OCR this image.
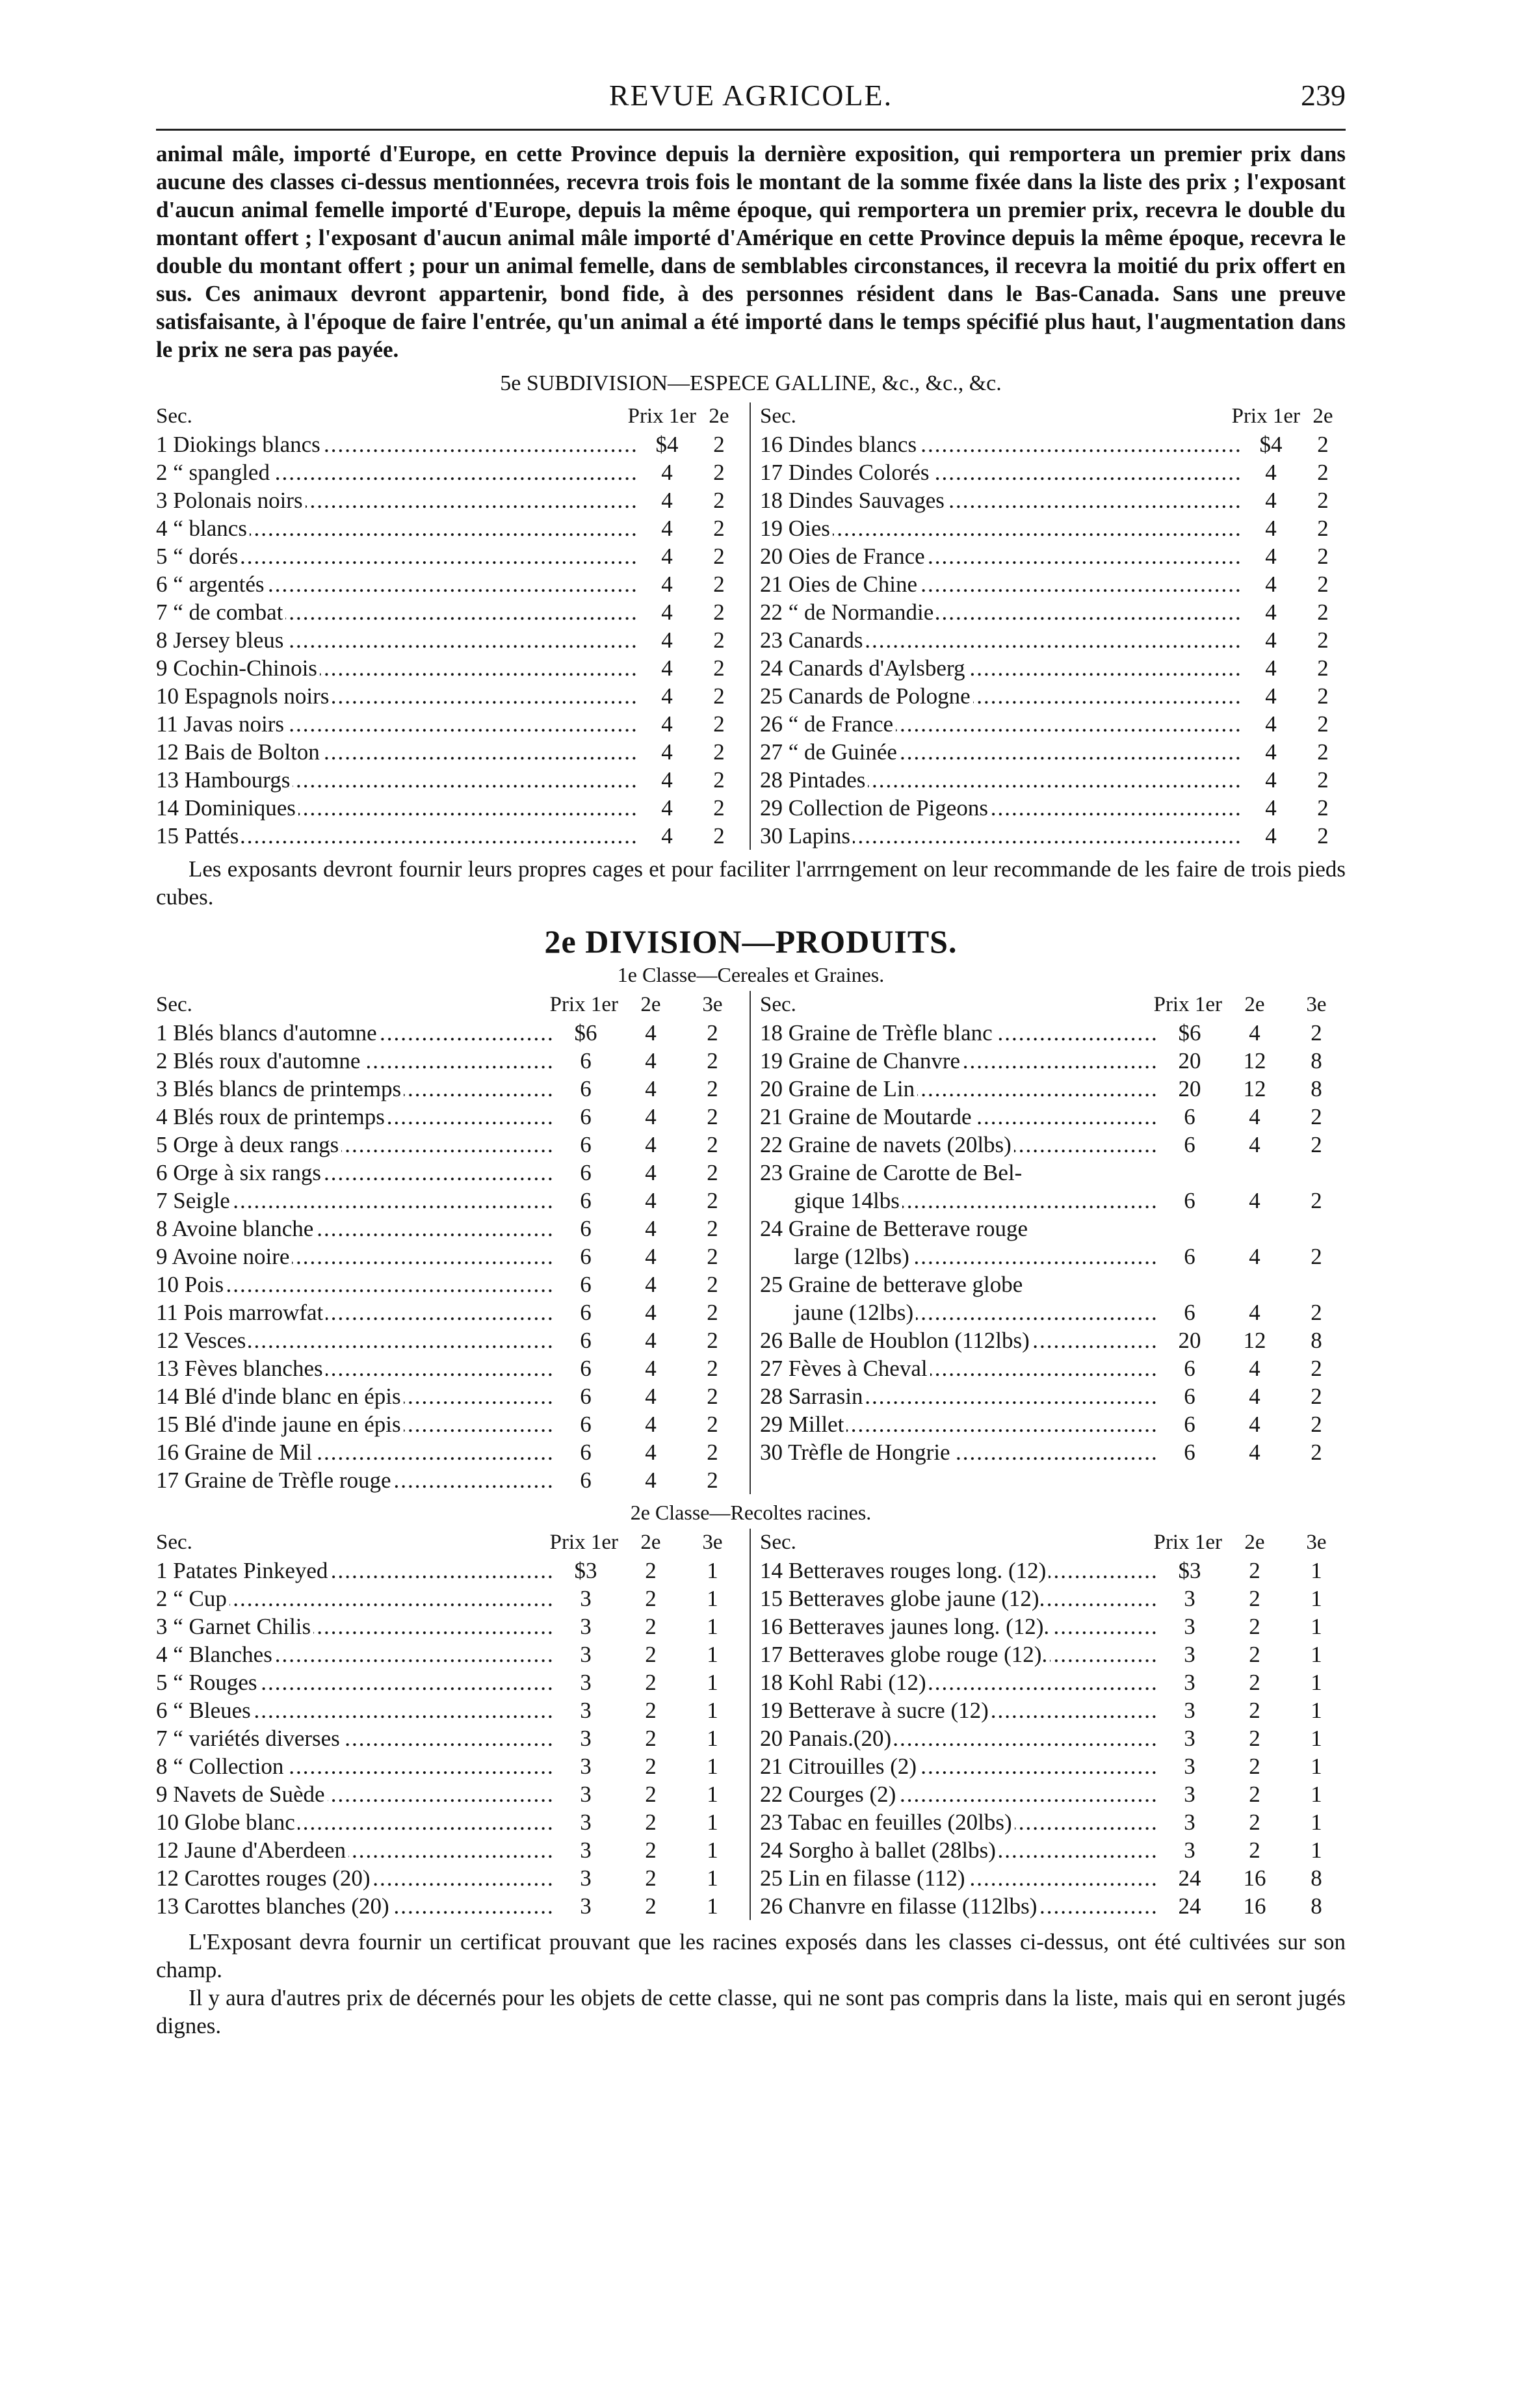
REVUE AGRICOLE.	239

animal mâle, importé d'Europe, en cette Province depuis la dernière exposition, qui remportera un premier prix dans aucune des classes ci-dessus mentionnées, recevra trois fois le montant de la somme fixée dans la liste des prix ; l'exposant d'aucun animal femelle importé d'Europe, depuis la même époque, qui remportera un premier prix, recevra le double du montant offert ; l'exposant d'aucun animal mâle importé d'Amérique en cette Province depuis la même époque, recevra le double du montant offert ; pour un animal femelle, dans de semblables circonstances, il recevra la moitié du prix offert en sus. Ces animaux devront appartenir, bond fide, à des personnes résident dans le Bas-Canada. Sans une preuve satisfaisante, à l'époque de faire l'entrée, qu'un animal a été importé dans le temps spécifié plus haut, l'augmentation dans le prix ne sera pas payée.

5e SUBDIVISION—ESPECE GALLINE, &c., &c., &c.
Sec.	Prix 1er 2e
1 Diokings blancs .....	$4	2
2 “ spangled .....	4	2
3 Polonais noirs .....	4	2
4 “ blancs .....	4	2
5 “ dorés .....	4	2
6 “ argentés .....	4	2
7 “ de combat .....	4	2
8 Jersey bleus .....	4	2
9 Cochin-Chinois .....	4	2
10 Espagnols noirs .....	4	2
11 Javas noirs .....	4	2
12 Bais de Bolton .....	4	2
13 Hambourgs .....	4	2
14 Dominiques .....	4	2
15 Pattés .....	4	2
Sec.	Prix 1er 2e
16 Dindes blancs .....	$4	2
17 Dindes Colorés .....	4	2
18 Dindes Sauvages .....	4	2
19 Oies .....	4	2
20 Oies de France .....	4	2
21 Oies de Chine .....	4	2
22 “ de Normandie .....	4	2
23 Canards .....	4	2
24 Canards d'Aylsberg .....	4	2
25 Canards de Pologne .....	4	2
26 “ de France .....	4	2
27 “ de Guinée .....	4	2
28 Pintades .....	4	2
29 Collection de Pigeons .....	4	2
30 Lapins .....	4	2

Les exposants devront fournir leurs propres cages et pour faciliter l'arrrngement on leur recommande de les faire de trois pieds cubes.

2e DIVISION—PRODUITS.
1e Classe—Cereales et Graines.
Sec.	Prix 1er	2e	3e
1 Blés blancs d'automne .....	$6	4	2
2 Blés roux d'automne .....	6	4	2
3 Blés blancs de printemps .....	6	4	2
4 Blés roux de printemps .....	6	4	2
5 Orge à deux rangs .....	6	4	2
6 Orge à six rangs .....	6	4	2
7 Seigle .....	6	4	2
8 Avoine blanche .....	6	4	2
9 Avoine noire .....	6	4	2
10 Pois .....	6	4	2
11 Pois marrowfat .....	6	4	2
12 Vesces .....	6	4	2
13 Fèves blanches .....	6	4	2
14 Blé d'inde blanc en épis .....	6	4	2
15 Blé d'inde jaune en épis .....	6	4	2
16 Graine de Mil .....	6	4	2
17 Graine de Trèfle rouge .....	6	4	2
Sec.	Prix 1er	2e	3e
18 Graine de Trèfle blanc .....	$6	4	2
19 Graine de Chanvre .....	20	12	8
20 Graine de Lin .....	20	12	8
21 Graine de Moutarde .....	6	4	2
22 Graine de navets (20lbs) .....	6	4	2
23 Graine de Carotte de Bel-
gique 14lbs .....	6	4	2
24 Graine de Betterave rouge
large (12lbs) .....	6	4	2
25 Graine de betterave globe
jaune (12lbs) .....	6	4	2
26 Balle de Houblon (112lbs) .....	20	12	8
27 Fèves à Cheval .....	6	4	2
28 Sarrasin .....	6	4	2
29 Millet .....	6	4	2
30 Trèfle de Hongrie .....	6	4	2
2e Classe—Recoltes racines.
Sec.	Prix 1er	2e	3e
1 Patates Pinkeyed .....	$3	2	1
2 “ Cup .....	3	2	1
3 “ Garnet Chilis .....	3	2	1
4 “ Blanches .....	3	2	1
5 “ Rouges .....	3	2	1
6 “ Bleues .....	3	2	1
7 “ variétés diverses .....	3	2	1
8 “ Collection .....	3	2	1
9 Navets de Suède .....	3	2	1
10 Globe blanc .....	3	2	1
12 Jaune d'Aberdeen .....	3	2	1
12 Carottes rouges (20) .....	3	2	1
13 Carottes blanches (20) .....	3	2	1
Sec.	Prix 1er	2e	3e
14 Betteraves rouges long. (12) .....	$3	2	1
15 Betteraves globe jaune (12). .....	3	2	1
16 Betteraves jaunes long. (12). .....	3	2	1
17 Betteraves globe rouge (12). .....	3	2	1
18 Kohl Rabi (12) .....	3	2	1
19 Betterave à sucre (12) .....	3	2	1
20 Panais.(20) .....	3	2	1
21 Citrouilles (2) .....	3	2	1
22 Courges (2) .....	3	2	1
23 Tabac en feuilles (20lbs) .....	3	2	1
24 Sorgho à ballet (28lbs) .....	3	2	1
25 Lin en filasse (112) .....	24	16	8
26 Chanvre en filasse (112lbs) .....	24	16	8

L'Exposant devra fournir un certificat prouvant que les racines exposés dans les classes ci-dessus, ont été cultivées sur son champ.

Il y aura d'autres prix de décernés pour les objets de cette classe, qui ne sont pas compris dans la liste, mais qui en seront jugés dignes.
